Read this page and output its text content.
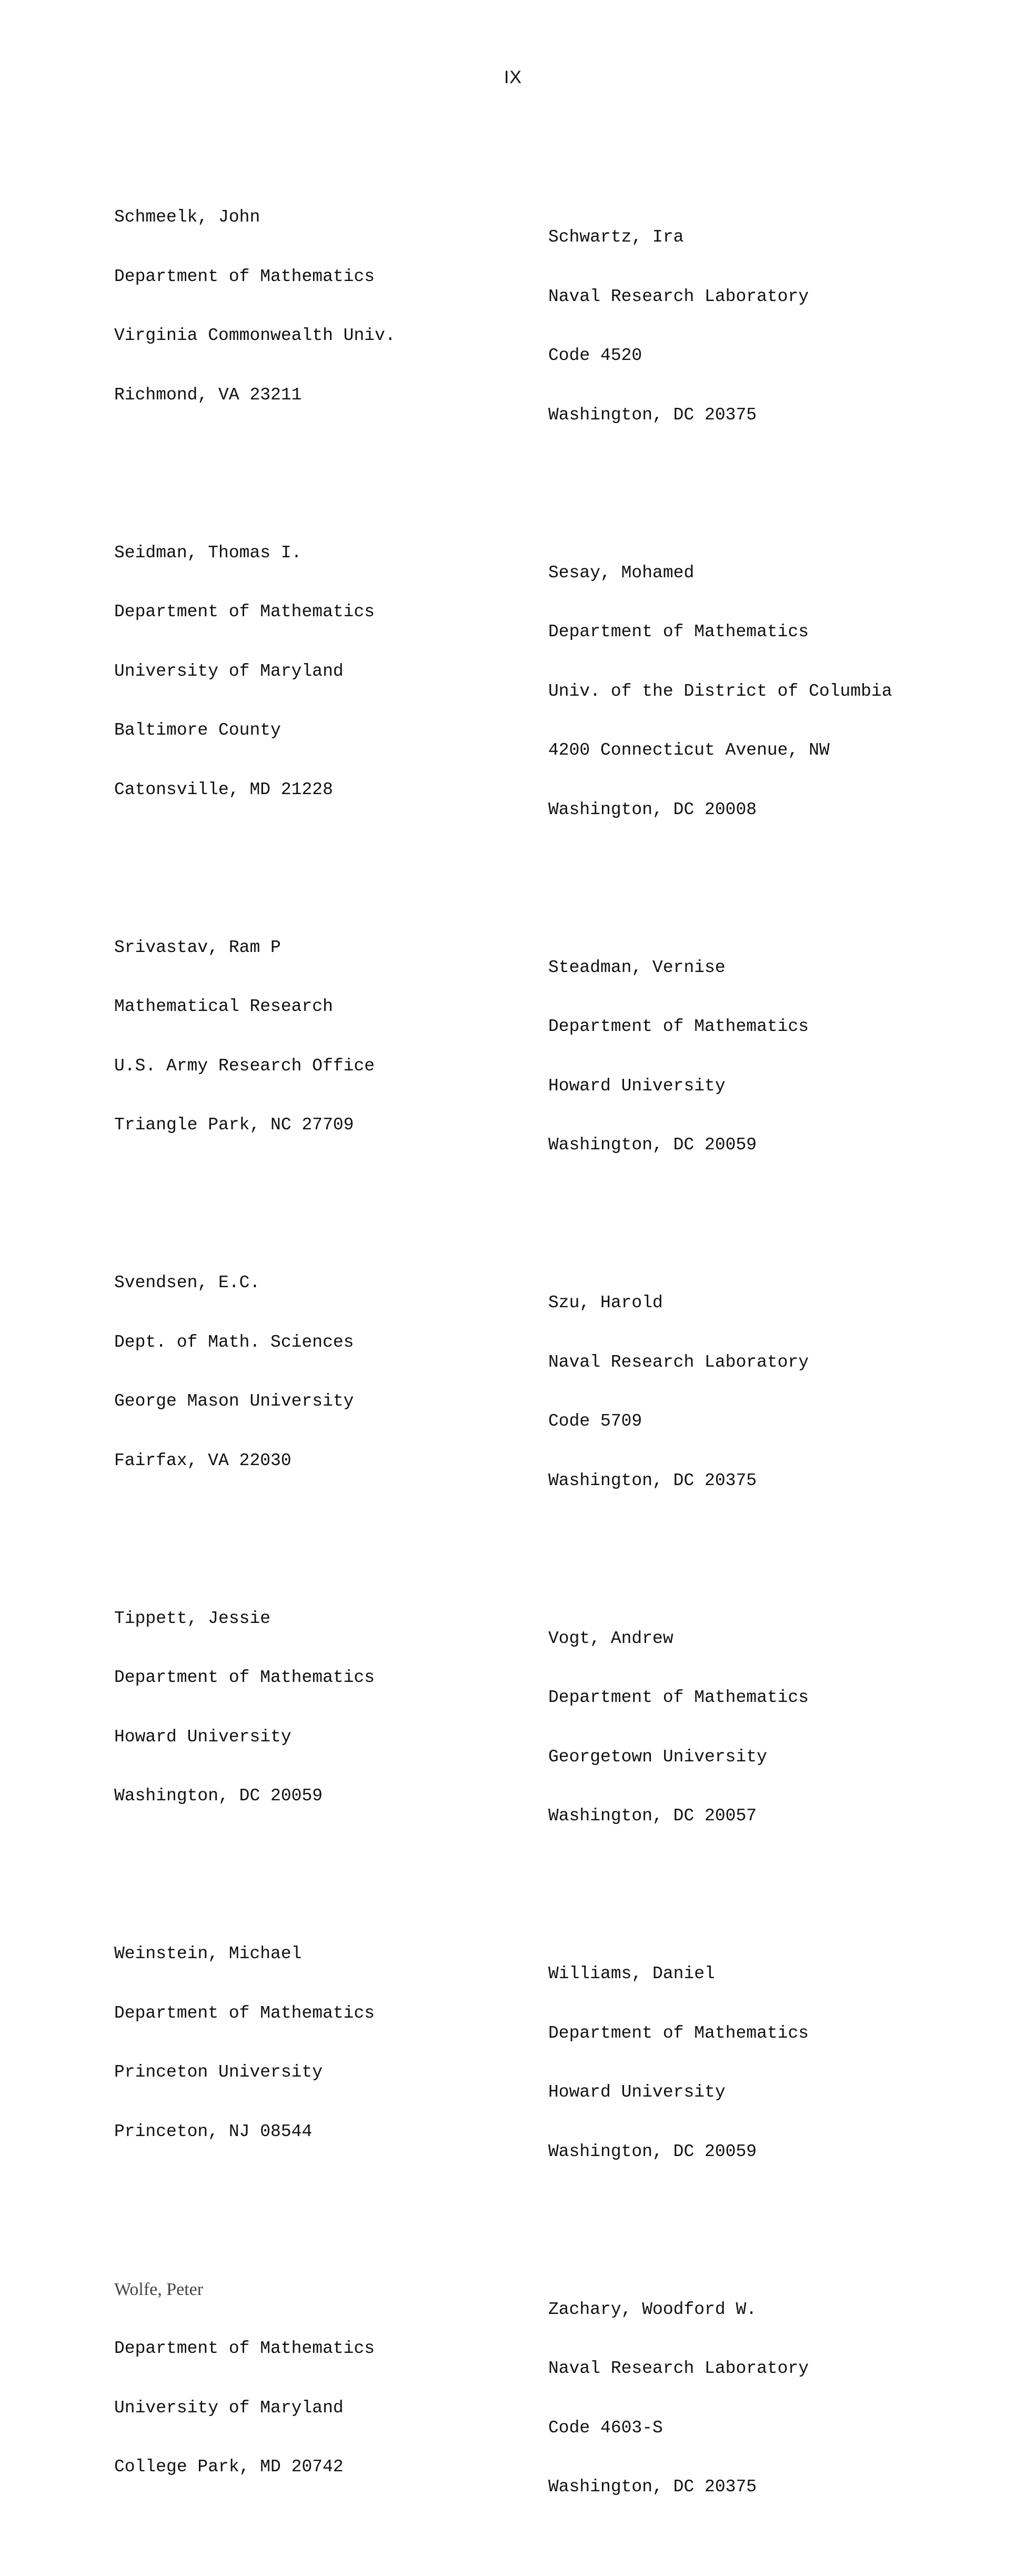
IX

Schmeelk, John

Department of Mathematics

Virginia Commonwealth Univ.

Richmond, VA 23211

Seidman, Thomas I.

Department of Mathematics

University of Maryland

Baltimore County

Catonsville, MD 21228

Srivastav, Ram P

Mathematical Research

U.S. Army Research Office

Triangle Park, NC 27709

Svendsen, E.C.

Dept. of Math. Sciences

George Mason University

Fairfax, VA 22030

Tippett, Jessie

Department of Mathematics

Howard University

Washington, DC 20059

Weinstein, Michael

Department of Mathematics

Princeton University

Princeton, NJ 08544

Wolfe, Peter

Department of Mathematics

University of Maryland

College Park, MD 20742

Schwartz, Ira

Naval Research Laboratory

Code 4520

Washington, DC 20375

Sesay, Mohamed

Department of Mathematics

Univ. of the District of Columbia

4200 Connecticut Avenue, NW

Washington, DC 20008

Steadman, Vernise

Department of Mathematics

Howard University

Washington, DC 20059

Szu, Harold

Naval Research Laboratory

Code 5709

Washington, DC 20375

Vogt, Andrew

Department of Mathematics

Georgetown University

Washington, DC 20057

Williams, Daniel

Department of Mathematics

Howard University

Washington, DC 20059

Zachary, Woodford W.

Naval Research Laboratory

Code 4603-S

Washington, DC 20375
